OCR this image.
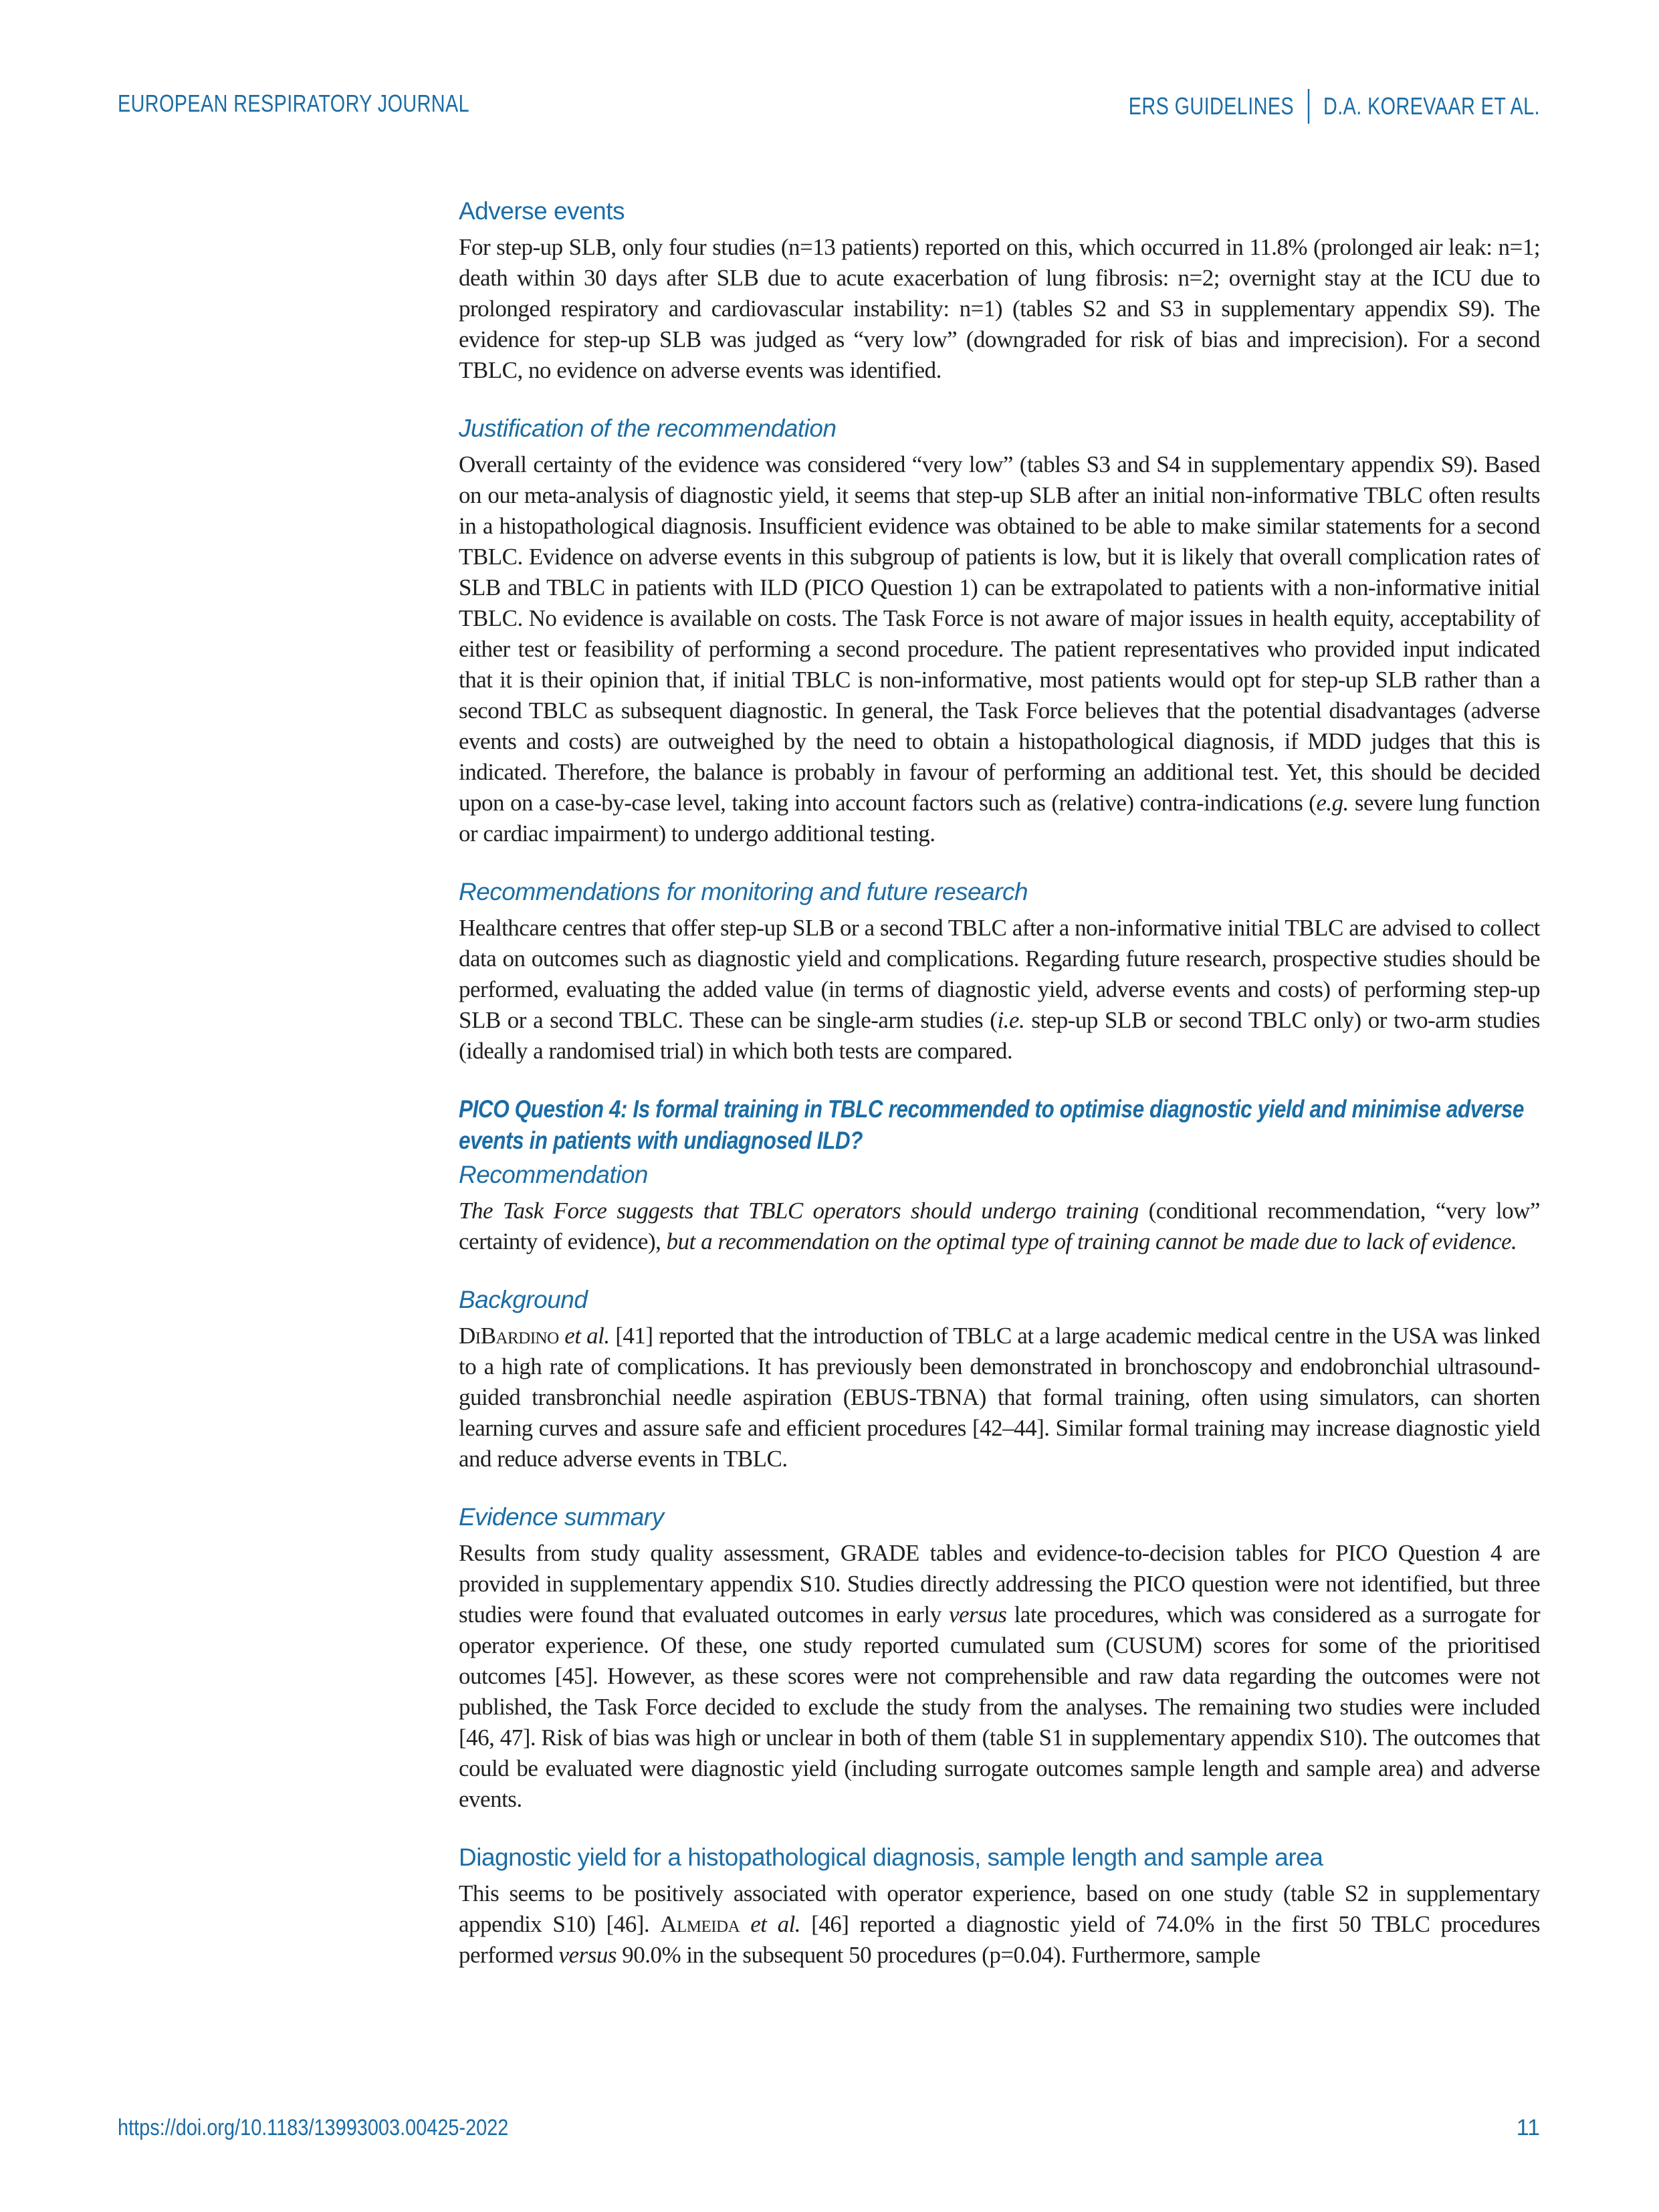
EUROPEAN RESPIRATORY JOURNAL	ERS GUIDELINES D.A. KOREVAAR ET AL.
Adverse events

For step-up SLB, only four studies (n=13 patients) reported on this, which occurred in 11.8% (prolonged air leak: n=1; death within 30 days after SLB due to acute exacerbation of lung fibrosis: n=2; overnight stay at the ICU due to prolonged respiratory and cardiovascular instability: n=1) (tables S2 and S3 in supplementary appendix S9). The evidence for step-up SLB was judged as “very low” (downgraded for risk of bias and imprecision). For a second TBLC, no evidence on adverse events was identified.

Justification of the recommendation

Overall certainty of the evidence was considered “very low” (tables S3 and S4 in supplementary appendix S9). Based on our meta-analysis of diagnostic yield, it seems that step-up SLB after an initial non-informative TBLC often results in a histopathological diagnosis. Insufficient evidence was obtained to be able to make similar statements for a second TBLC. Evidence on adverse events in this subgroup of patients is low, but it is likely that overall complication rates of SLB and TBLC in patients with ILD (PICO Question 1) can be extrapolated to patients with a non-informative initial TBLC. No evidence is available on costs. The Task Force is not aware of major issues in health equity, acceptability of either test or feasibility of performing a second procedure. The patient representatives who provided input indicated that it is their opinion that, if initial TBLC is non-informative, most patients would opt for step-up SLB rather than a second TBLC as subsequent diagnostic. In general, the Task Force believes that the potential disadvantages (adverse events and costs) are outweighed by the need to obtain a histopathological diagnosis, if MDD judges that this is indicated. Therefore, the balance is probably in favour of performing an additional test. Yet, this should be decided upon on a case-by-case level, taking into account factors such as (relative) contra-indications (e.g. severe lung function or cardiac impairment) to undergo additional testing.

Recommendations for monitoring and future research

Healthcare centres that offer step-up SLB or a second TBLC after a non-informative initial TBLC are advised to collect data on outcomes such as diagnostic yield and complications. Regarding future research, prospective studies should be performed, evaluating the added value (in terms of diagnostic yield, adverse events and costs) of performing step-up SLB or a second TBLC. These can be single-arm studies (i.e. step-up SLB or second TBLC only) or two-arm studies (ideally a randomised trial) in which both tests are compared.

PICO Question 4: Is formal training in TBLC recommended to optimise diagnostic yield and minimise adverse events in patients with undiagnosed ILD?
Recommendation

The Task Force suggests that TBLC operators should undergo training (conditional recommendation, “very low” certainty of evidence), but a recommendation on the optimal type of training cannot be made due to lack of evidence.

Background

DiBardino et al. [41] reported that the introduction of TBLC at a large academic medical centre in the USA was linked to a high rate of complications. It has previously been demonstrated in bronchoscopy and endobronchial ultrasound-guided transbronchial needle aspiration (EBUS-TBNA) that formal training, often using simulators, can shorten learning curves and assure safe and efficient procedures [42–44]. Similar formal training may increase diagnostic yield and reduce adverse events in TBLC.

Evidence summary

Results from study quality assessment, GRADE tables and evidence-to-decision tables for PICO Question 4 are provided in supplementary appendix S10. Studies directly addressing the PICO question were not identified, but three studies were found that evaluated outcomes in early versus late procedures, which was considered as a surrogate for operator experience. Of these, one study reported cumulated sum (CUSUM) scores for some of the prioritised outcomes [45]. However, as these scores were not comprehensible and raw data regarding the outcomes were not published, the Task Force decided to exclude the study from the analyses. The remaining two studies were included [46, 47]. Risk of bias was high or unclear in both of them (table S1 in supplementary appendix S10). The outcomes that could be evaluated were diagnostic yield (including surrogate outcomes sample length and sample area) and adverse events.

Diagnostic yield for a histopathological diagnosis, sample length and sample area

This seems to be positively associated with operator experience, based on one study (table S2 in supplementary appendix S10) [46]. Almeida et al. [46] reported a diagnostic yield of 74.0% in the first 50 TBLC procedures performed versus 90.0% in the subsequent 50 procedures (p=0.04). Furthermore, sample

https://doi.org/10.1183/13993003.00425-2022	11
